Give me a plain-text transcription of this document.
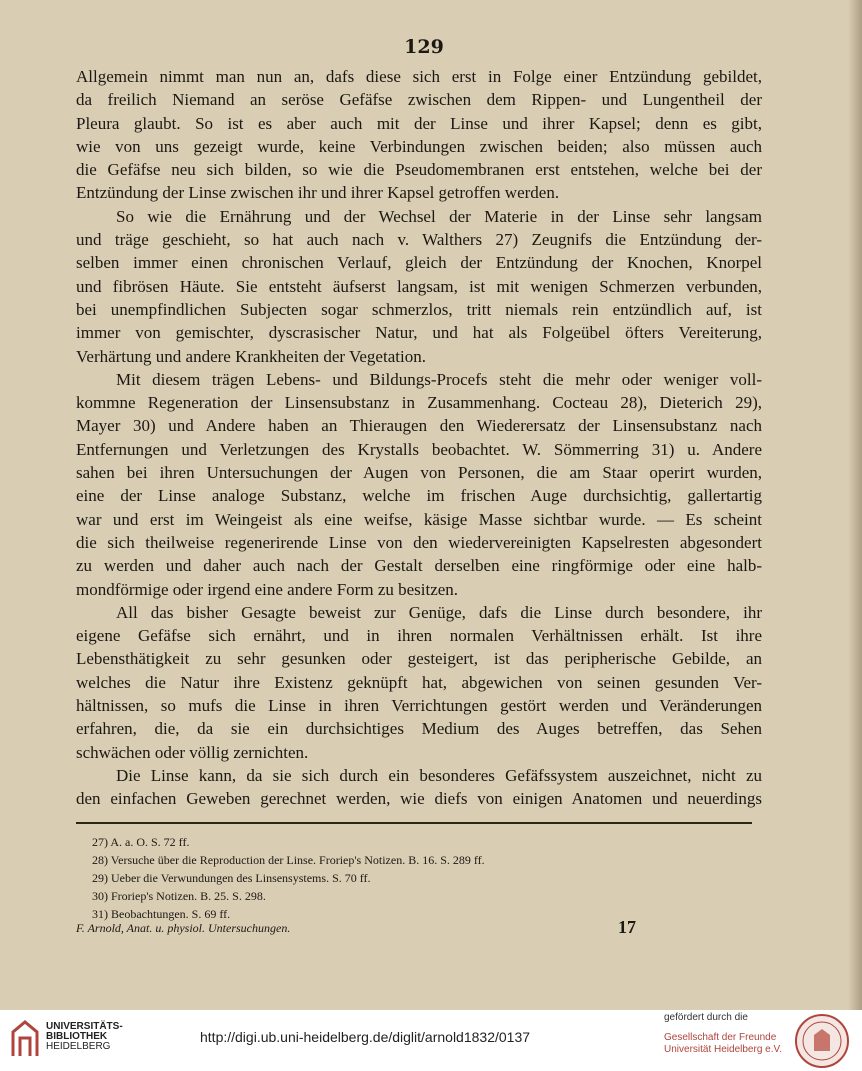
129
Allgemein nimmt man nun an, dafs diese sich erst in Folge einer Entzündung gebildet,
da freilich Niemand an seröse Gefäfse zwischen dem Rippen- und Lungentheil der
Pleura glaubt. So ist es aber auch mit der Linse und ihrer Kapsel; denn es gibt,
wie von uns gezeigt wurde, keine Verbindungen zwischen beiden; also müssen auch
die Gefäfse neu sich bilden, so wie die Pseudomembranen erst entstehen, welche bei der
Entzündung der Linse zwischen ihr und ihrer Kapsel getroffen werden.
So wie die Ernährung und der Wechsel der Materie in der Linse sehr langsam
und träge geschieht, so hat auch nach v. Walthers 27) Zeugnifs die Entzündung der-
selben immer einen chronischen Verlauf, gleich der Entzündung der Knochen, Knorpel
und fibrösen Häute. Sie entsteht äufserst langsam, ist mit wenigen Schmerzen verbunden,
bei unempfindlichen Subjecten sogar schmerzlos, tritt niemals rein entzündlich auf, ist
immer von gemischter, dyscrasischer Natur, und hat als Folgeübel öfters Vereiterung,
Verhärtung und andere Krankheiten der Vegetation.
Mit diesem trägen Lebens- und Bildungs-Procefs steht die mehr oder weniger voll-
kommne Regeneration der Linsensubstanz in Zusammenhang. Cocteau 28), Dieterich 29),
Mayer 30) und Andere haben an Thieraugen den Wiederersatz der Linsensubstanz nach
Entfernungen und Verletzungen des Krystalls beobachtet. W. Sömmerring 31) u. Andere
sahen bei ihren Untersuchungen der Augen von Personen, die am Staar operirt wurden,
eine der Linse analoge Substanz, welche im frischen Auge durchsichtig, gallertartig
war und erst im Weingeist als eine weifse, käsige Masse sichtbar wurde. — Es scheint
die sich theilweise regenerirende Linse von den wiedervereinigten Kapselresten abgesondert
zu werden und daher auch nach der Gestalt derselben eine ringförmige oder eine halb-
mondförmige oder irgend eine andere Form zu besitzen.
All das bisher Gesagte beweist zur Genüge, dafs die Linse durch besondere, ihr
eigene Gefäfse sich ernährt, und in ihren normalen Verhältnissen erhält. Ist ihre
Lebensthätigkeit zu sehr gesunken oder gesteigert, ist das peripherische Gebilde, an
welches die Natur ihre Existenz geknüpft hat, abgewichen von seinen gesunden Ver-
hältnissen, so mufs die Linse in ihren Verrichtungen gestört werden und Veränderungen
erfahren, die, da sie ein durchsichtiges Medium des Auges betreffen, das Sehen
schwächen oder völlig zernichten.
Die Linse kann, da sie sich durch ein besonderes Gefäfssystem auszeichnet, nicht zu
den einfachen Geweben gerechnet werden, wie diefs von einigen Anatomen und neuerdings
27) A. a. O. S. 72 ff.
28) Versuche über die Reproduction der Linse. Froriep's Notizen. B. 16. S. 289 ff.
29) Ueber die Verwundungen des Linsensystems. S. 70 ff.
30) Froriep's Notizen. B. 25. S. 298.
31) Beobachtungen. S. 69 ff.
F. Arnold, Anat. u. physiol. Untersuchungen.	17
UNIVERSITÄTS-
BIBLIOTHEK
HEIDELBERG
http://digi.ub.uni-heidelberg.de/diglit/arnold1832/0137
gefördert durch die
Gesellschaft der Freunde
Universität Heidelberg e.V.
